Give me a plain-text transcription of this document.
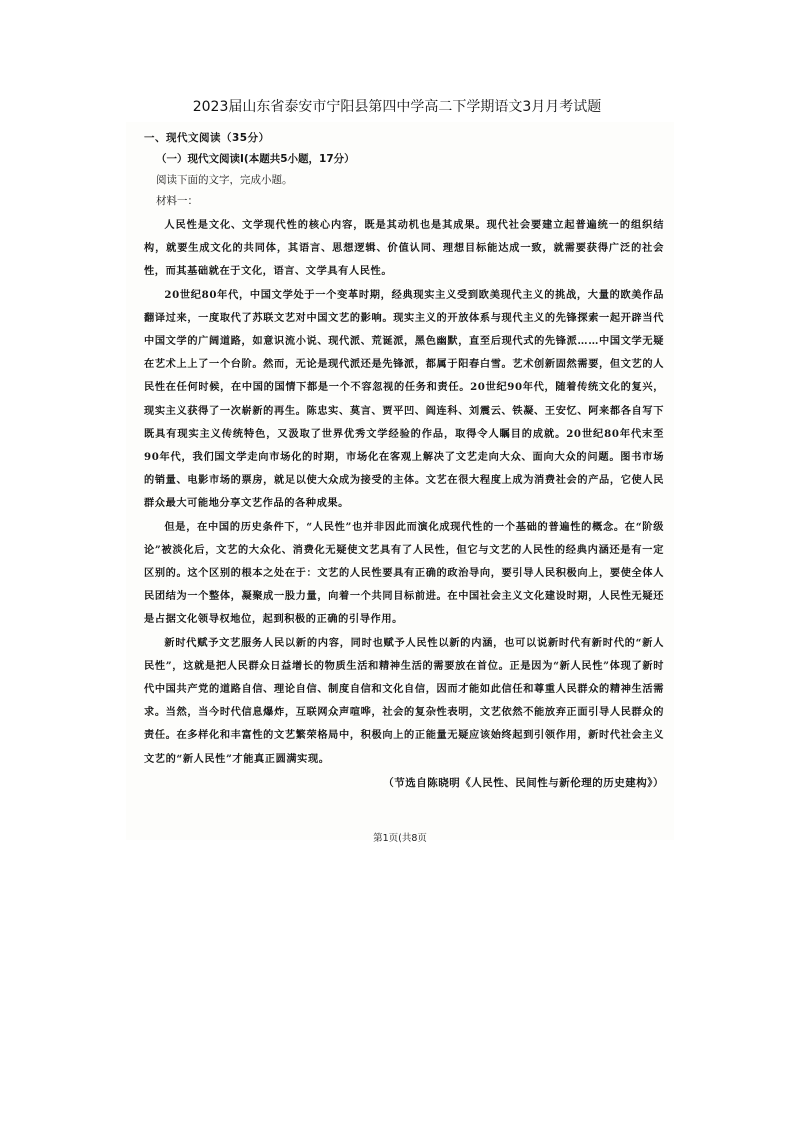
2023届山东省泰安市宁阳县第四中学高二下学期语文3月月考试题

一、现代文阅读（35分）

（一）现代文阅读Ⅰ(本题共5小题，17分）

阅读下面的文字，完成小题。

材料一：

人民性是文化、文学现代性的核心内容，既是其动机也是其成果。现代社会要建立起普遍统一的组织结构，就要生成文化的共同体，其语言、思想逻辑、价值认同、理想目标能达成一致，就需要获得广泛的社会性，而其基础就在于文化，语言、文学具有人民性。

20世纪80年代，中国文学处于一个变革时期，经典现实主义受到欧美现代主义的挑战，大量的欧美作品翻译过来，一度取代了苏联文艺对中国文艺的影响。现实主义的开放体系与现代主义的先锋探索一起开辟当代中国文学的广阔道路，如意识流小说、现代派、荒诞派，黑色幽默，直至后现代式的先锋派……中国文学无疑在艺术上上了一个台阶。然而，无论是现代派还是先锋派，都属于阳春白雪。艺术创新固然需要，但文艺的人民性在任何时候，在中国的国情下都是一个不容忽视的任务和责任。20世纪90年代，随着传统文化的复兴，现实主义获得了一次崭新的再生。陈忠实、莫言、贾平凹、阎连科、刘震云、铁凝、王安忆、阿来都各自写下既具有现实主义传统特色，又汲取了世界优秀文学经验的作品，取得令人瞩目的成就。20世纪80年代末至90年代，我们国文学走向市场化的时期，市场化在客观上解决了文艺走向大众、面向大众的问题。图书市场的销量、电影市场的票房，就足以使大众成为接受的主体。文艺在很大程度上成为消费社会的产品，它使人民群众最大可能地分享文艺作品的各种成果。

但是，在中国的历史条件下，“人民性”也并非因此而演化成现代性的一个基础的普遍性的概念。在“阶级论”被淡化后，文艺的大众化、消费化无疑使文艺具有了人民性，但它与文艺的人民性的经典内涵还是有一定区别的。这个区别的根本之处在于：文艺的人民性要具有正确的政治导向，要引导人民积极向上，要使全体人民团结为一个整体，凝聚成一股力量，向着一个共同目标前进。在中国社会主义文化建设时期，人民性无疑还是占据文化领导权地位，起到积极的正确的引导作用。

新时代赋予文艺服务人民以新的内容，同时也赋予人民性以新的内涵，也可以说新时代有新时代的“新人民性”，这就是把人民群众日益增长的物质生活和精神生活的需要放在首位。正是因为“新人民性”体现了新时代中国共产党的道路自信、理论自信、制度自信和文化自信，因而才能如此信任和尊重人民群众的精神生活需求。当然，当今时代信息爆炸，互联网众声喧哗，社会的复杂性表明，文艺依然不能放弃正面引导人民群众的责任。在多样化和丰富性的文艺繁荣格局中，积极向上的正能量无疑应该始终起到引领作用，新时代社会主义文艺的“新人民性”才能真正圆满实现。

（节选自陈晓明《人民性、民间性与新伦理的历史建构》）

第1页(共8页
